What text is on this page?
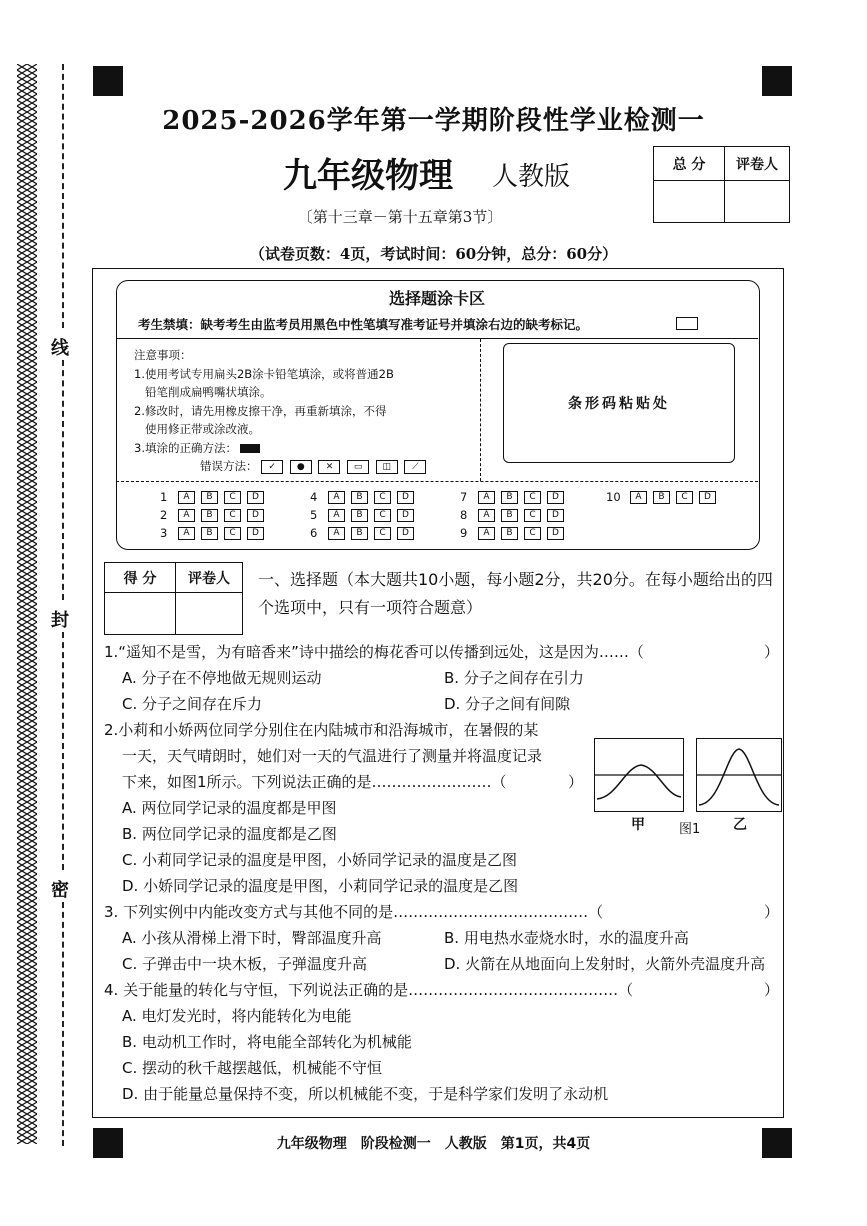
线
封
密
2025-2026学年第一学期阶段性学业检测一
九年级物理 人教版
〔第十三章－第十五章第3节〕
（试卷页数：4页，考试时间：60分钟，总分：60分）
总 分	评卷人

选择题涂卡区
考生禁填：缺考考生由监考员用黑色中性笔填写准考证号并填涂右边的缺考标记。
注意事项：
1.使用考试专用扁头2B涂卡铅笔填涂，或将普通2B
铅笔削成扁鸭嘴状填涂。
2.修改时，请先用橡皮擦干净，再重新填涂，不得
使用修正带或涂改液。
3.填涂的正确方法：
错误方法： ✓ ● ✕ ▭ ◫ ⟋
条形码粘贴处
1 A B C D
2 A B C D
3 A B C D
4 A B C D
5 A B C D
6 A B C D
7 A B C D
8 A B C D
9 A B C D
10 A B C D
得 分	评卷人
	一、选择题（本大题共10小题，每小题2分，共20分。在每小题给出的四
个选项中，只有一项符合题意）
1.“遥知不是雪，为有暗香来”诗中描绘的梅花香可以传播到远处，这是因为……（	）
A. 分子在不停地做无规则运动	B. 分子之间存在引力
C. 分子之间存在斥力	D. 分子之间有间隙
2.小莉和小娇两位同学分别住在内陆城市和沿海城市，在暑假的某
一天，天气晴朗时，她们对一天的气温进行了测量并将温度记录
下来，如图1所示。下列说法正确的是……………………（	）
A. 两位同学记录的温度都是甲图
B. 两位同学记录的温度都是乙图
C. 小莉同学记录的温度是甲图，小娇同学记录的温度是乙图
D. 小娇同学记录的温度是甲图，小莉同学记录的温度是乙图
甲	图1 乙
3. 下列实例中内能改变方式与其他不同的是…………………………………（	）
A. 小孩从滑梯上滑下时，臀部温度升高	B. 用电热水壶烧水时，水的温度升高
C. 子弹击中一块木板，子弹温度升高	D. 火箭在从地面向上发射时，火箭外壳温度升高
4. 关于能量的转化与守恒，下列说法正确的是……………………………………（	）
A. 电灯发光时，将内能转化为电能
B. 电动机工作时，将电能全部转化为机械能
C. 摆动的秋千越摆越低，机械能不守恒
D. 由于能量总量保持不变，所以机械能不变，于是科学家们发明了永动机
九年级物理　阶段检测一　人教版　第1页，共4页
